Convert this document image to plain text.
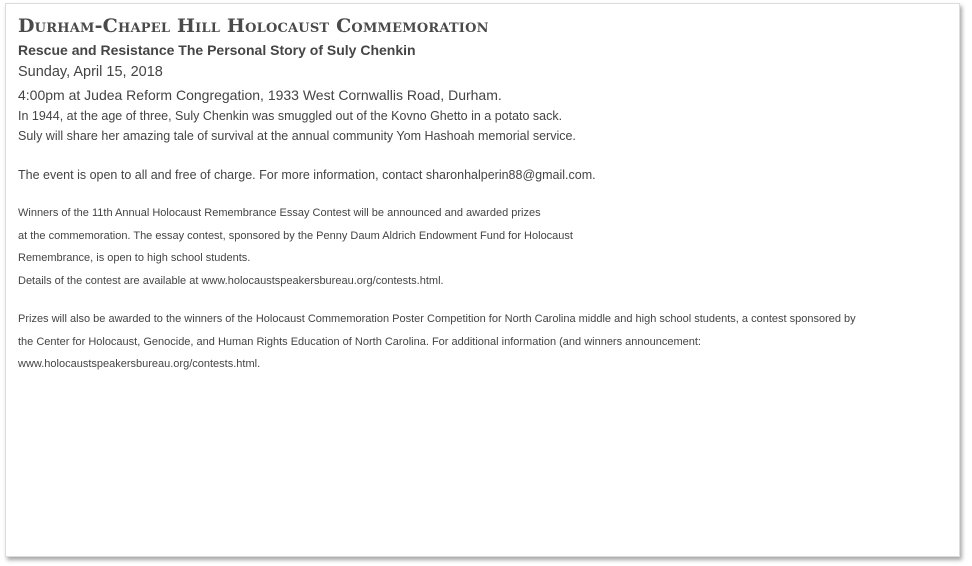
Durham-Chapel Hill Holocaust Commemoration
Rescue and Resistance The Personal Story of Suly Chenkin

Sunday, April 15, 2018

4:00pm at Judea Reform Congregation, 1933 West Cornwallis Road, Durham.

In 1944, at the age of three, Suly Chenkin was smuggled out of the Kovno Ghetto in a potato sack.
Suly will share her amazing tale of survival at the annual community Yom Hashoah memorial service.

The event is open to all and free of charge. For more information, contact sharonhalperin88@gmail.com.

Winners of the 11th Annual Holocaust Remembrance Essay Contest will be announced and awarded prizes
at the commemoration. The essay contest, sponsored by the Penny Daum Aldrich Endowment Fund for Holocaust
Remembrance, is open to high school students.
Details of the contest are available at www.holocaustspeakersbureau.org/contests.html.

Prizes will also be awarded to the winners of the Holocaust Commemoration Poster Competition for North Carolina middle and high school students, a contest sponsored by
the Center for Holocaust, Genocide, and Human Rights Education of North Carolina. For additional information (and winners announcement:
www.holocaustspeakersbureau.org/contests.html.
